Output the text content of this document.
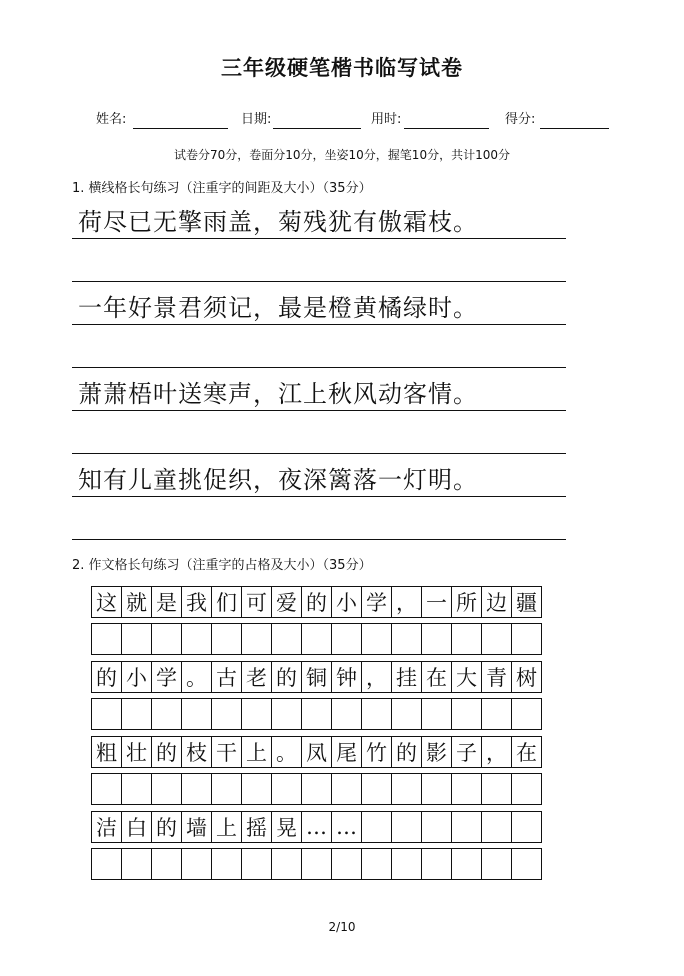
三年级硬笔楷书临写试卷
姓名:	日期:	用时:	得分:
试卷分70分，卷面分10分，坐姿10分，握笔10分，共计100分
1. 横线格长句练习（注重字的间距及大小）（35分）
荷尽已无擎雨盖，菊残犹有傲霜枝。
一年好景君须记，最是橙黄橘绿时。
萧萧梧叶送寒声，江上秋风动客情。
知有儿童挑促织，夜深篱落一灯明。
2. 作文格长句练习（注重字的占格及大小）（35分）
这 就 是 我 们 可 爱 的 小 学 ， 一 所 边 疆
的 小 学 。 古 老 的 铜 钟 ， 挂 在 大 青 树
粗 壮 的 枝 干 上 。 凤 尾 竹 的 影 子 ， 在
洁 白 的 墙 上 摇 晃 … …
2/10
